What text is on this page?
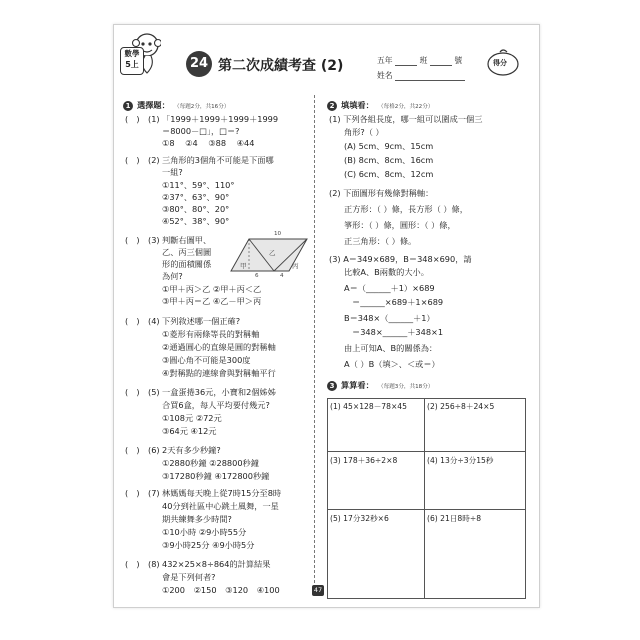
數學
5上	24 第二次成績考查 (2)	五年	班	號
姓名
得分
1 選擇題： （每題2分，共16分）
(　) (1) 「1999＋1999＋1999＋1999
＝8000－□」，□＝?
①8 ②4 ③88 ④44
(　) (2) 三角形的3個角不可能是下面哪
一組?
①11°、59°、110°
②37°、63°、90°
③80°、80°、20°
④52°、38°、90°
(　) (3) 判斷右圖甲、
乙、丙三個圖
形的面積關係
為何?
10
6	4
甲
乙
丙
①甲＋丙＞乙 ②甲＋丙＜乙
③甲＋丙＝乙 ④乙－甲＞丙
(　) (4) 下列敘述哪一個正確?
①菱形有兩條等長的對稱軸
②通過圓心的直線是圓的對稱軸
③圓心角不可能是300度
④對稱點的連線會與對稱軸平行
(　) (5) 一盒蛋捲36元，小寶和2個姊姊
合買6盒，每人平均要付幾元?
①108元 ②72元
③64元 ④12元
(　) (6) 2天有多少秒鐘?
①2880秒鐘 ②28800秒鐘
③17280秒鐘 ④172800秒鐘
(　) (7) 林媽媽每天晚上從7時15分至8時
40分到社區中心跳土風舞，一星
期共練舞多少時間?
①10小時 ②9小時55分
③9小時25分 ④9小時5分
(　) (8) 432×25×8÷864的計算結果
會是下列何者?
①200 ②150 ③120 ④100
2 填填看： （每格2分，共22分）
(1) 下列各組長度，哪一組可以圍成一個三
角形?（ ）
(A) 5cm、9cm、15cm
(B) 8cm、8cm、16cm
(C) 6cm、8cm、12cm
(2) 下面圖形有幾條對稱軸：
正方形：（ ）條，長方形（ ）條，
箏形：（ ）條，圓形：（ ）條，
正三角形：（ ）條。
(3) A＝349×689，B＝348×690，請
比較A、B兩數的大小。
A＝（______＋1）×689
＝______×689＋1×689
B＝348×（______＋1）
＝348×______＋348×1
由上可知A、B的關係為：
A（ ）B（填＞、＜或＝）
3 算算看： （每題3分，共18分）
(1) 45×128－78×45	(2) 256÷8＋24×5
(3) 178＋36÷2×8	(4) 13分÷3分15秒
(5) 17分32秒×6	(6) 21日8時÷8
47
